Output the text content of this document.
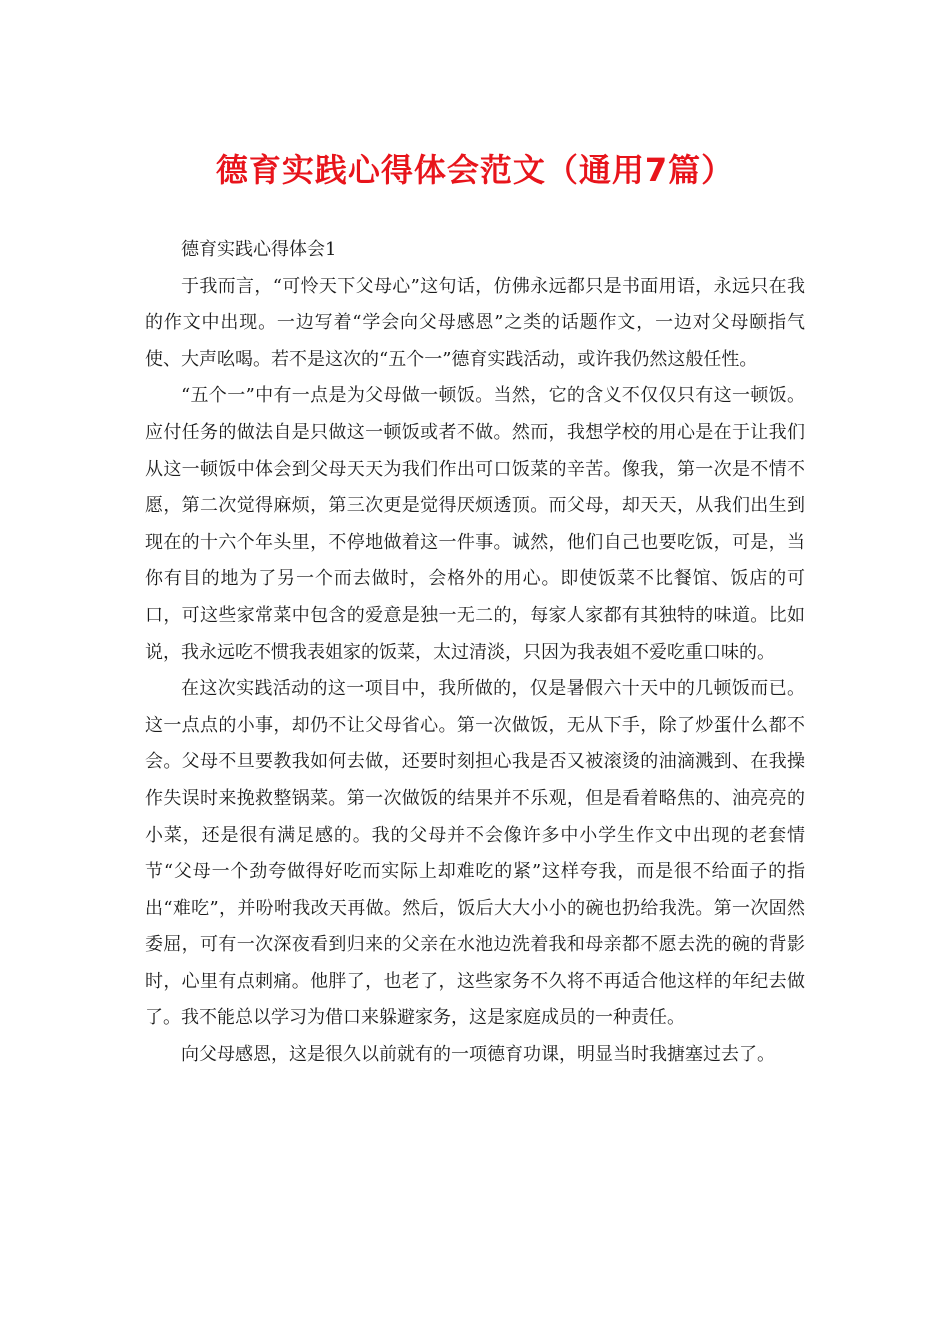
德育实践心得体会范文（通用7篇）

德育实践心得体会1

于我而言，“可怜天下父母心”这句话，仿佛永远都只是书面用语，永远只在我的作文中出现。一边写着“学会向父母感恩”之类的话题作文，一边对父母颐指气使、大声吆喝。若不是这次的“五个一”德育实践活动，或许我仍然这般任性。

“五个一”中有一点是为父母做一顿饭。当然，它的含义不仅仅只有这一顿饭。应付任务的做法自是只做这一顿饭或者不做。然而，我想学校的用心是在于让我们从这一顿饭中体会到父母天天为我们作出可口饭菜的辛苦。像我，第一次是不情不愿，第二次觉得麻烦，第三次更是觉得厌烦透顶。而父母，却天天，从我们出生到现在的十六个年头里，不停地做着这一件事。诚然，他们自己也要吃饭，可是，当你有目的地为了另一个而去做时，会格外的用心。即使饭菜不比餐馆、饭店的可口，可这些家常菜中包含的爱意是独一无二的，每家人家都有其独特的味道。比如说，我永远吃不惯我表姐家的饭菜，太过清淡，只因为我表姐不爱吃重口味的。

在这次实践活动的这一项目中，我所做的，仅是暑假六十天中的几顿饭而已。这一点点的小事，却仍不让父母省心。第一次做饭，无从下手，除了炒蛋什么都不会。父母不旦要教我如何去做，还要时刻担心我是否又被滚烫的油滴溅到、在我操作失误时来挽救整锅菜。第一次做饭的结果并不乐观，但是看着略焦的、油亮亮的小菜，还是很有满足感的。我的父母并不会像许多中小学生作文中出现的老套情节“父母一个劲夸做得好吃而实际上却难吃的紧”这样夸我，而是很不给面子的指出“难吃”，并吩咐我改天再做。然后，饭后大大小小的碗也扔给我洗。第一次固然委屈，可有一次深夜看到归来的父亲在水池边洗着我和母亲都不愿去洗的碗的背影时，心里有点刺痛。他胖了，也老了，这些家务不久将不再适合他这样的年纪去做了。我不能总以学习为借口来躲避家务，这是家庭成员的一种责任。

向父母感恩，这是很久以前就有的一项德育功课，明显当时我搪塞过去了。
